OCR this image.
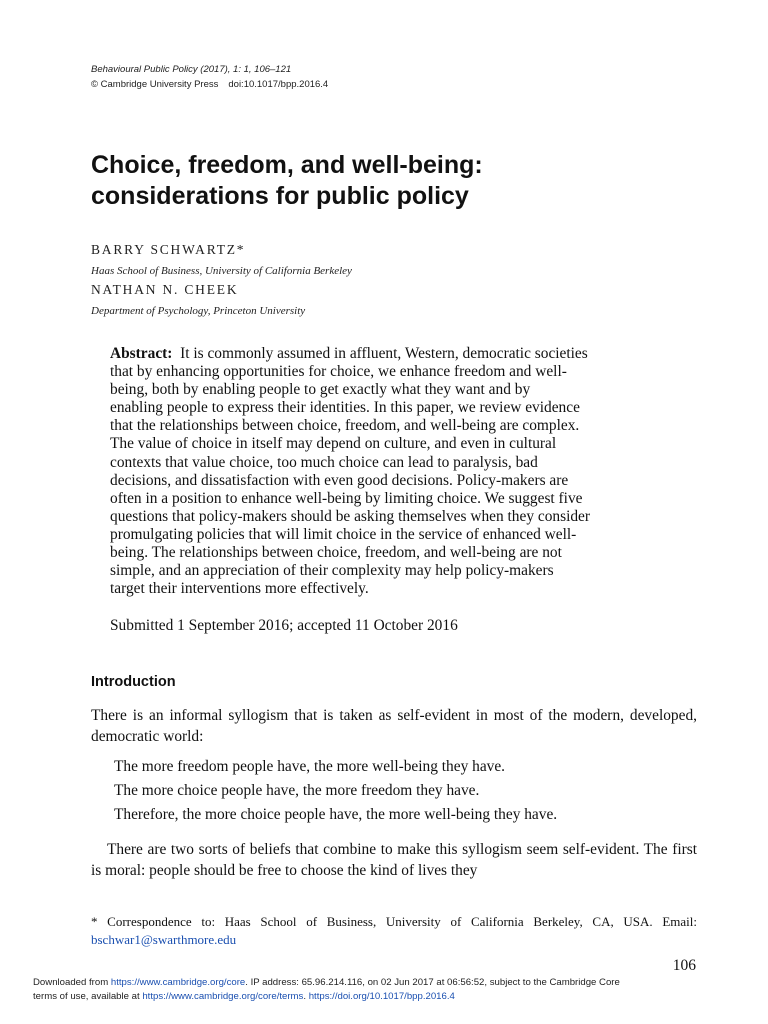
Behavioural Public Policy (2017), 1: 1, 106–121
© Cambridge University Press doi:10.1017/bpp.2016.4
Choice, freedom, and well-being:
considerations for public policy
BARRY SCHWARTZ*
Haas School of Business, University of California Berkeley
NATHAN N. CHEEK
Department of Psychology, Princeton University
Abstract: It is commonly assumed in affluent, Western, democratic societies
that by enhancing opportunities for choice, we enhance freedom and well-
being, both by enabling people to get exactly what they want and by
enabling people to express their identities. In this paper, we review evidence
that the relationships between choice, freedom, and well-being are complex.
The value of choice in itself may depend on culture, and even in cultural
contexts that value choice, too much choice can lead to paralysis, bad
decisions, and dissatisfaction with even good decisions. Policy-makers are
often in a position to enhance well-being by limiting choice. We suggest five
questions that policy-makers should be asking themselves when they consider
promulgating policies that will limit choice in the service of enhanced well-
being. The relationships between choice, freedom, and well-being are not
simple, and an appreciation of their complexity may help policy-makers
target their interventions more effectively.
Submitted 1 September 2016; accepted 11 October 2016
Introduction

There is an informal syllogism that is taken as self-evident in most of the modern, developed, democratic world:

The more freedom people have, the more well-being they have.
The more choice people have, the more freedom they have.
Therefore, the more choice people have, the more well-being they have.

There are two sorts of beliefs that combine to make this syllogism seem self-evident. The first is moral: people should be free to choose the kind of lives they

* Correspondence to: Haas School of Business, University of California Berkeley, CA, USA. Email: bschwar1@swarthmore.edu
106
Downloaded from https://www.cambridge.org/core. IP address: 65.96.214.116, on 02 Jun 2017 at 06:56:52, subject to the Cambridge Core
terms of use, available at https://www.cambridge.org/core/terms. https://doi.org/10.1017/bpp.2016.4
